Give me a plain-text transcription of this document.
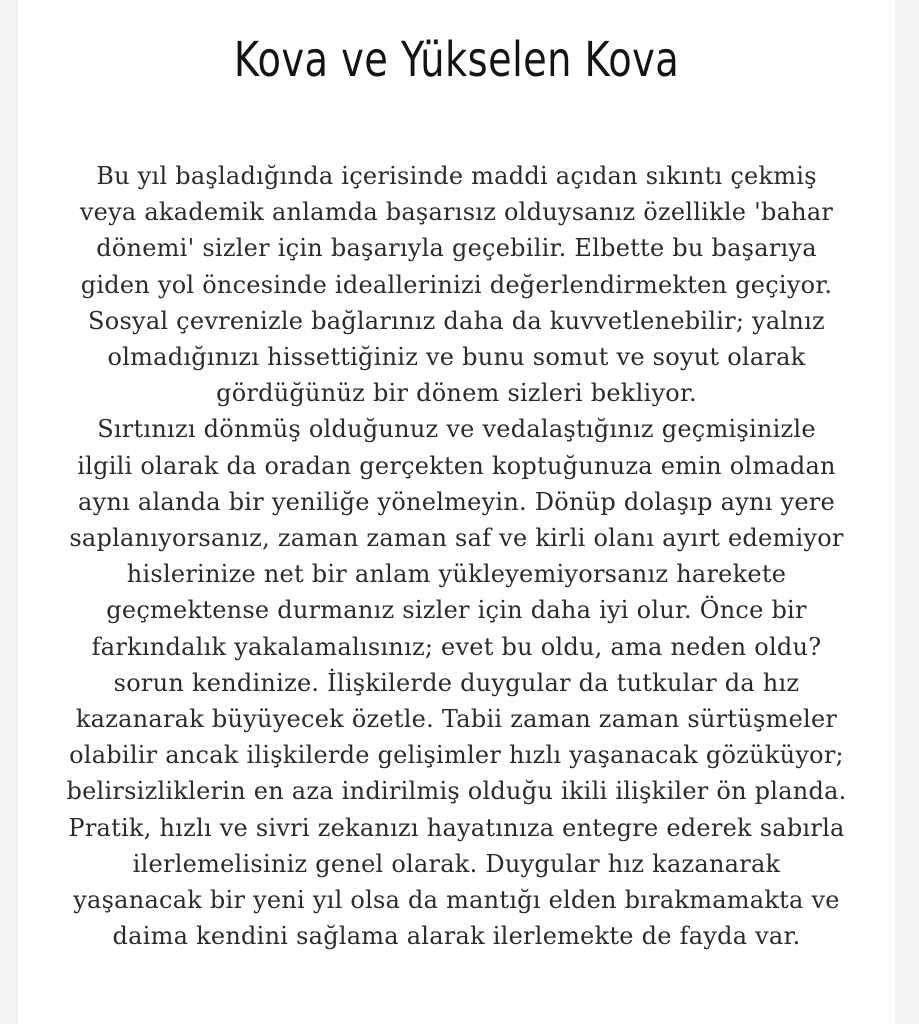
Kova ve Yükselen Kova
Bu yıl başladığında içerisinde maddi açıdan sıkıntı çekmiş
veya akademik anlamda başarısız olduysanız özellikle 'bahar
dönemi' sizler için başarıyla geçebilir. Elbette bu başarıya
giden yol öncesinde ideallerinizi değerlendirmekten geçiyor.
Sosyal çevrenizle bağlarınız daha da kuvvetlenebilir; yalnız
olmadığınızı hissettiğiniz ve bunu somut ve soyut olarak
gördüğünüz bir dönem sizleri bekliyor.
Sırtınızı dönmüş olduğunuz ve vedalaştığınız geçmişinizle
ilgili olarak da oradan gerçekten koptuğunuza emin olmadan
aynı alanda bir yeniliğe yönelmeyin. Dönüp dolaşıp aynı yere
saplanıyorsanız, zaman zaman saf ve kirli olanı ayırt edemiyor
hislerinize net bir anlam yükleyemiyorsanız harekete
geçmektense durmanız sizler için daha iyi olur. Önce bir
farkındalık yakalamalısınız; evet bu oldu, ama neden oldu?
sorun kendinize. İlişkilerde duygular da tutkular da hız
kazanarak büyüyecek özetle. Tabii zaman zaman sürtüşmeler
olabilir ancak ilişkilerde gelişimler hızlı yaşanacak gözüküyor;
belirsizliklerin en aza indirilmiş olduğu ikili ilişkiler ön planda.
Pratik, hızlı ve sivri zekanızı hayatınıza entegre ederek sabırla
ilerlemelisiniz genel olarak. Duygular hız kazanarak
yaşanacak bir yeni yıl olsa da mantığı elden bırakmamakta ve
daima kendini sağlama alarak ilerlemekte de fayda var.
